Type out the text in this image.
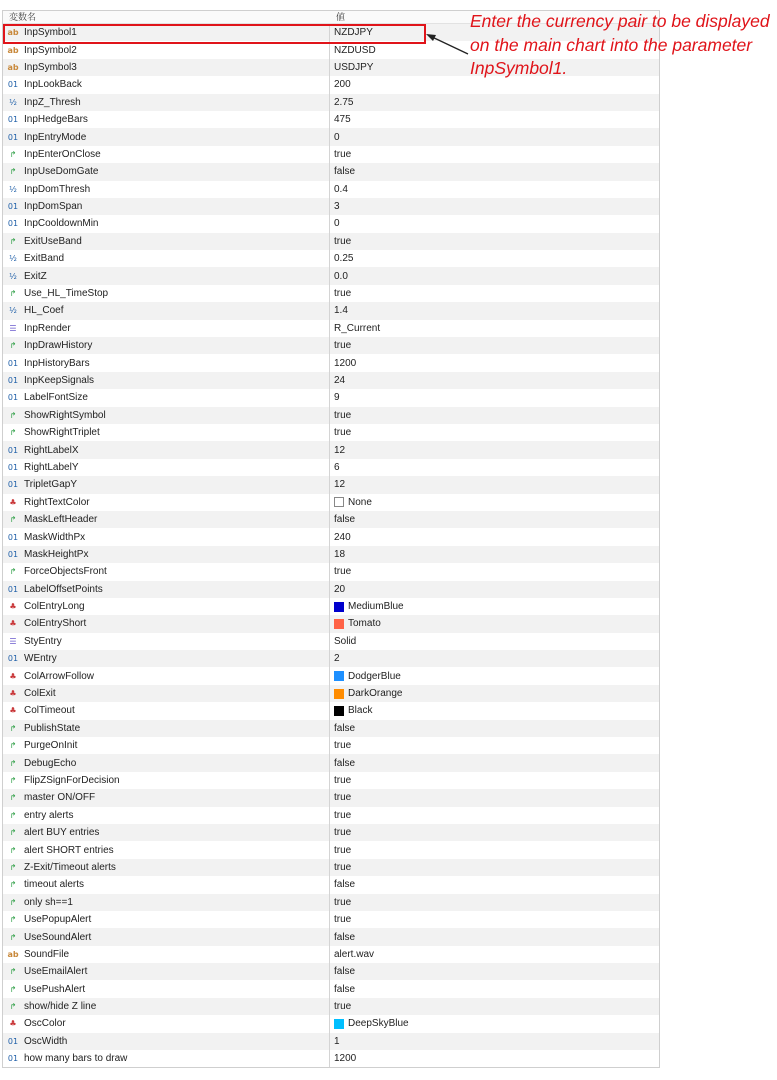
変数名	値
ab InpSymbol1	NZDJPY
ab InpSymbol2	NZDUSD
ab InpSymbol3	USDJPY
01 InpLookBack	200
½ InpZ_Thresh	2.75
01 InpHedgeBars	475
01 InpEntryMode	0
↱ InpEnterOnClose	true
↱ InpUseDomGate	false
½ InpDomThresh	0.4
01 InpDomSpan	3
01 InpCooldownMin	0
↱ ExitUseBand	true
½ ExitBand	0.25
½ ExitZ	0.0
↱ Use_HL_TimeStop	true
½ HL_Coef	1.4
☰ InpRender	R_Current
↱ InpDrawHistory	true
01 InpHistoryBars	1200
01 InpKeepSignals	24
01 LabelFontSize	9
↱ ShowRightSymbol	true
↱ ShowRightTriplet	true
01 RightLabelX	12
01 RightLabelY	6
01 TripletGapY	12
♣ RightTextColor	None
↱ MaskLeftHeader	false
01 MaskWidthPx	240
01 MaskHeightPx	18
↱ ForceObjectsFront	true
01 LabelOffsetPoints	20
♣ ColEntryLong	MediumBlue
♣ ColEntryShort	Tomato
☰ StyEntry	Solid
01 WEntry	2
♣ ColArrowFollow	DodgerBlue
♣ ColExit	DarkOrange
♣ ColTimeout	Black
↱ PublishState	false
↱ PurgeOnInit	true
↱ DebugEcho	false
↱ FlipZSignForDecision	true
↱ master ON/OFF	true
↱ entry alerts	true
↱ alert BUY entries	true
↱ alert SHORT entries	true
↱ Z-Exit/Timeout alerts	true
↱ timeout alerts	false
↱ only sh==1	true
↱ UsePopupAlert	true
↱ UseSoundAlert	false
ab SoundFile	alert.wav
↱ UseEmailAlert	false
↱ UsePushAlert	false
↱ show/hide Z line	true
♣ OscColor	DeepSkyBlue
01 OscWidth	1
01 how many bars to draw	1200
Enter the currency pair to be displayed on the main chart into the parameter InpSymbol1.
